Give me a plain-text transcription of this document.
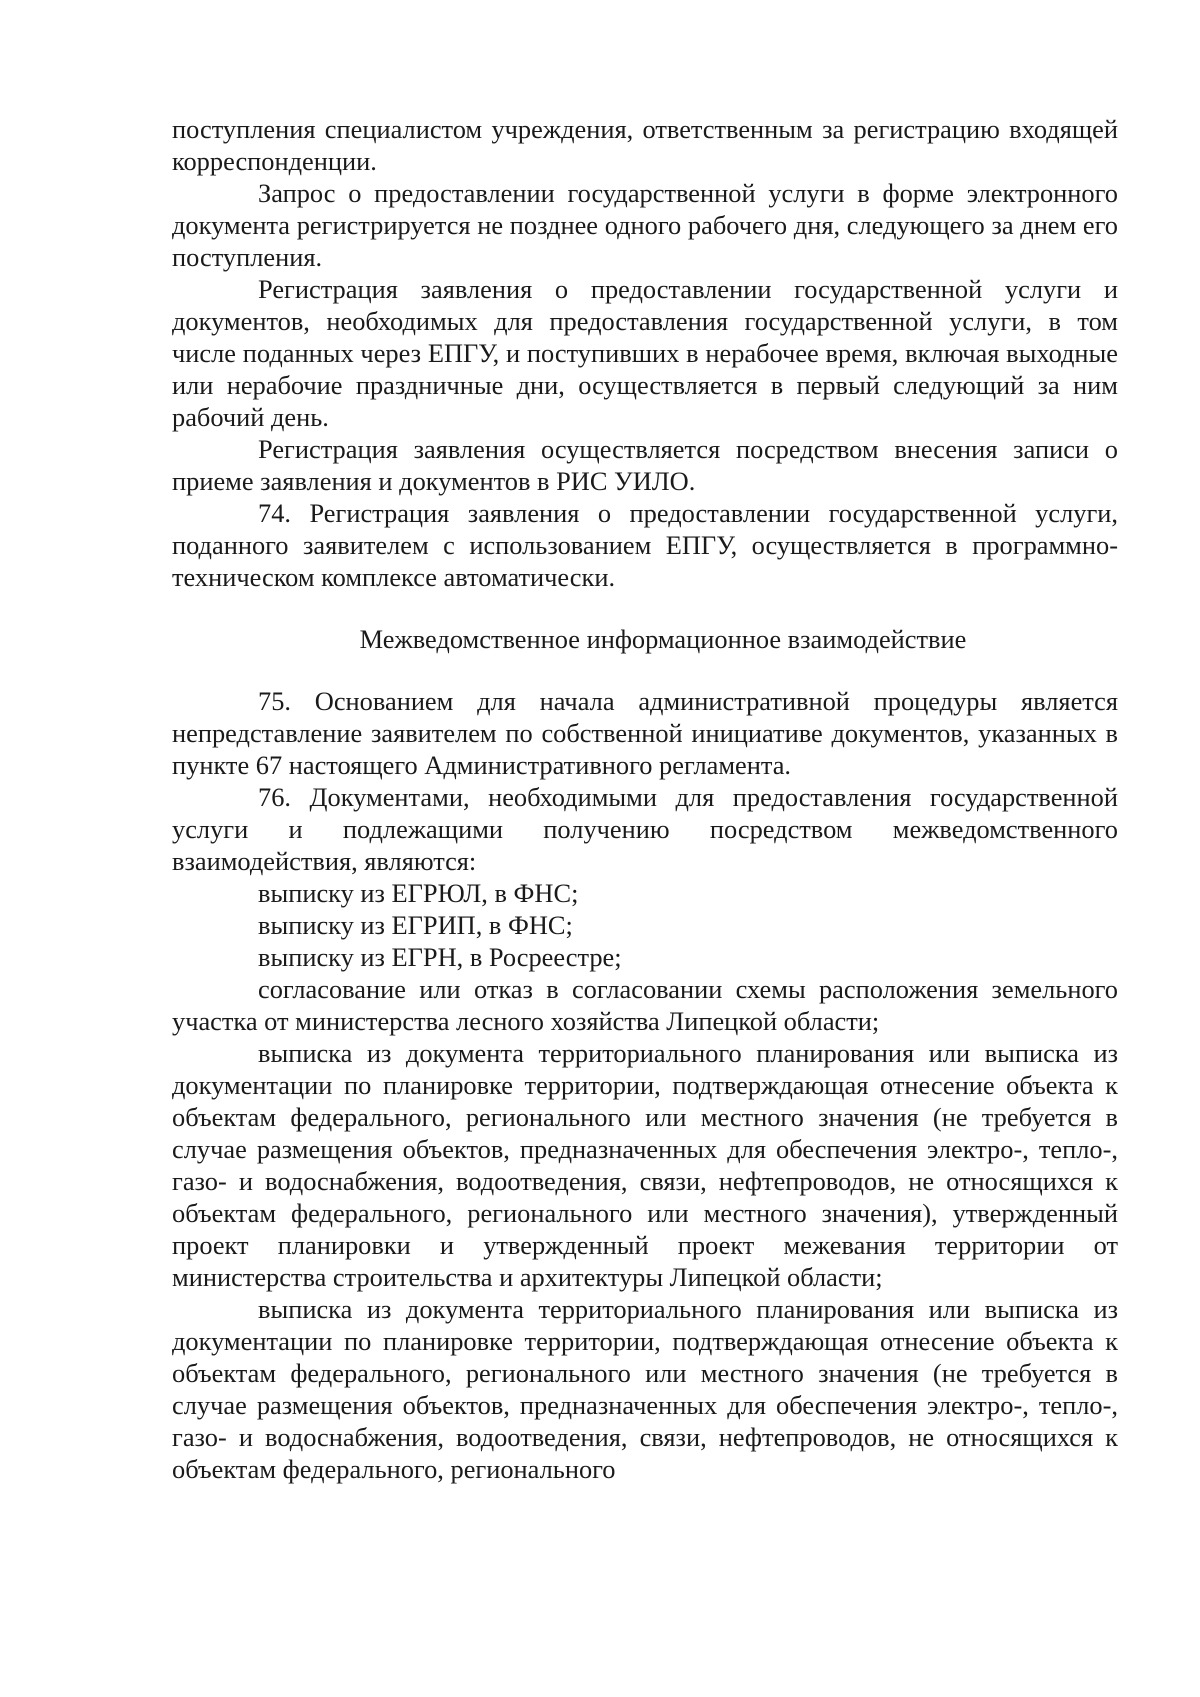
поступления специалистом учреждения, ответственным за регистрацию входящей корреспонденции.

Запрос о предоставлении государственной услуги в форме электронного документа регистрируется не позднее одного рабочего дня, следующего за днем его поступления.

Регистрация заявления о предоставлении государственной услуги и документов, необходимых для предоставления государственной услуги, в том числе поданных через ЕПГУ, и поступивших в нерабочее время, включая выходные или нерабочие праздничные дни, осуществляется в первый следующий за ним рабочий день.

Регистрация заявления осуществляется посредством внесения записи о приеме заявления и документов в РИС УИЛО.

74. Регистрация заявления о предоставлении государственной услуги, поданного заявителем с использованием ЕПГУ, осуществляется в программно-техническом комплексе автоматически.

Межведомственное информационное взаимодействие

75. Основанием для начала административной процедуры является непредставление заявителем по собственной инициативе документов, указанных в пункте 67 настоящего Административного регламента.

76. Документами, необходимыми для предоставления государственной услуги и подлежащими получению посредством межведомственного взаимодействия, являются:

выписку из ЕГРЮЛ, в ФНС;

выписку из ЕГРИП, в ФНС;

выписку из ЕГРН, в Росреестре;

согласование или отказ в согласовании схемы расположения земельного участка от министерства лесного хозяйства Липецкой области;

выписка из документа территориального планирования или выписка из документации по планировке территории, подтверждающая отнесение объекта к объектам федерального, регионального или местного значения (не требуется в случае размещения объектов, предназначенных для обеспечения электро-, тепло-, газо- и водоснабжения, водоотведения, связи, нефтепроводов, не относящихся к объектам федерального, регионального или местного значения), утвержденный проект планировки и утвержденный проект межевания территории от министерства строительства и архитектуры Липецкой области;

выписка из документа территориального планирования или выписка из документации по планировке территории, подтверждающая отнесение объекта к объектам федерального, регионального или местного значения (не требуется в случае размещения объектов, предназначенных для обеспечения электро-, тепло-, газо- и водоснабжения, водоотведения, связи, нефтепроводов, не относящихся к объектам федерального, регионального
